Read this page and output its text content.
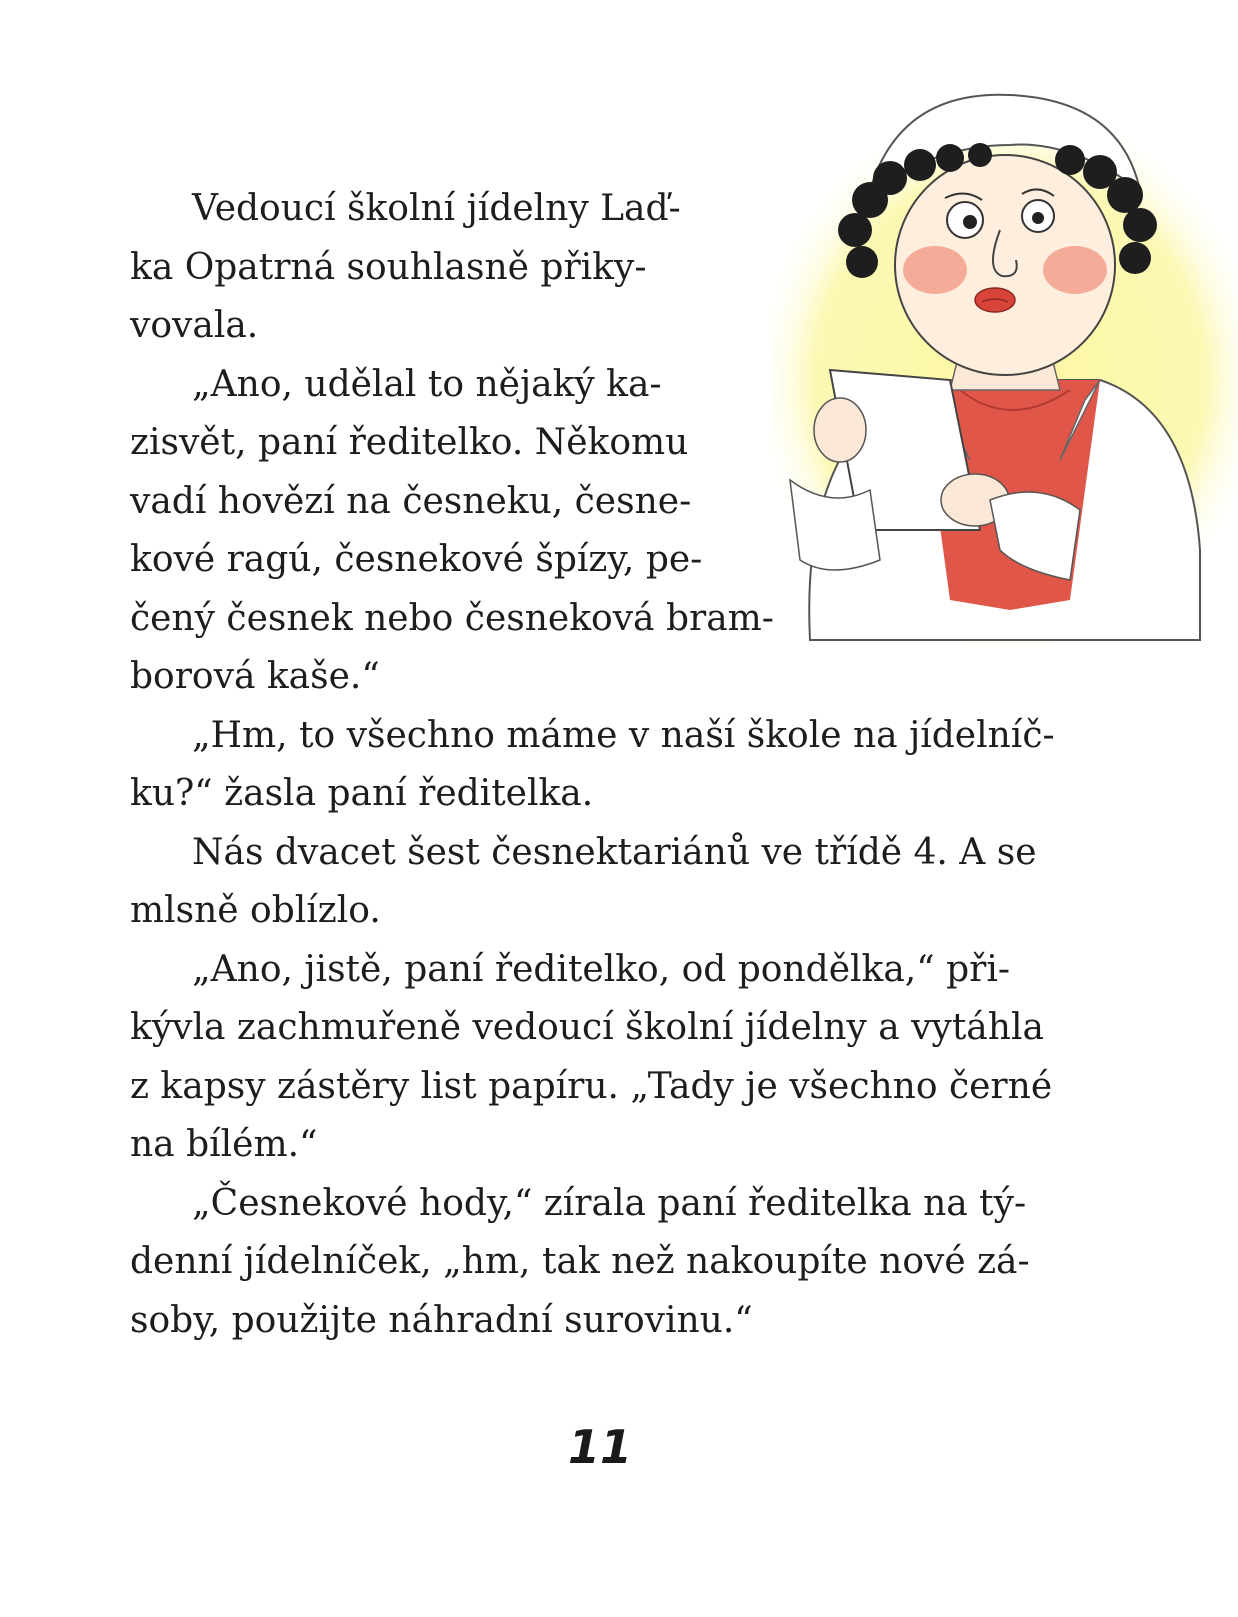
Vedoucí školní jídelny Laď-
ka Opatrná souhlasně přiky-
vovala.
„Ano, udělal to nějaký ka-
zisvět, paní ředitelko. Někomu
vadí hovězí na česneku, česne-
kové ragú, česnekové špízy, pe-
čený česnek nebo česneková bram-
borová kaše.“
„Hm, to všechno máme v naší škole na jídelníč-
ku?“ žasla paní ředitelka.
Nás dvacet šest česnektariánů ve třídě 4. A se
mlsně oblízlo.
„Ano, jistě, paní ředitelko, od pondělka,“ při-
kývla zachmuřeně vedoucí školní jídelny a vytáhla
z kapsy zástěry list papíru. „Tady je všechno černé
na bílém.“
„Česnekové hody,“ zírala paní ředitelka na tý-
denní jídelníček, „hm, tak než nakoupíte nové zá-
soby, použijte náhradní surovinu.“
11
